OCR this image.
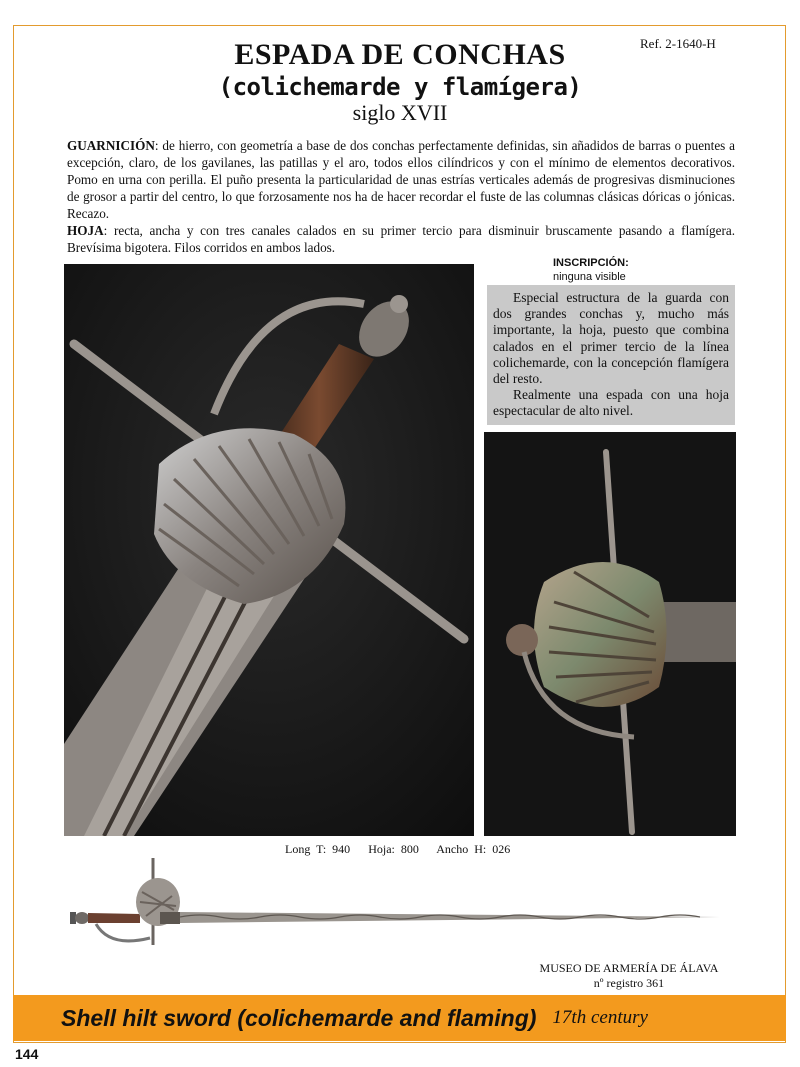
Ref. 2-1640-H
ESPADA DE CONCHAS
(colichemarde y flamígera)
siglo XVII
GUARNICIÓN: de hierro, con geometría a base de dos conchas perfectamente definidas, sin añadidos de barras o puentes a excepción, claro, de los gavilanes, las patillas y el aro, todos ellos cilíndricos y con el mínimo de elementos decorativos. Pomo en urna con perilla. El puño presenta la particularidad de unas estrías verticales además de progresivas disminuciones de grosor a partir del centro, lo que forzosamente nos ha de hacer recordar el fuste de las columnas clásicas dóricas o jónicas. Recazo.
HOJA: recta, ancha y con tres canales calados en su primer tercio para disminuir bruscamente pasando a flamígera. Brevísima bigotera. Filos corridos en ambos lados.
INSCRIPCIÓN:
ninguna visible

Especial estructura de la guarda con dos grandes conchas y, mucho más importante, la hoja, puesto que combina calados en el primer tercio de la línea colichemarde, con la concepción flamígera del resto.

Realmente una espada con una hoja espectacular de alto nivel.

Long T: 940 Hoja: 800 Ancho H: 026
MUSEO DE ARMERÍA DE ÁLAVA
nº registro 361
Shell hilt sword (colichemarde and flaming) 17th century
144
